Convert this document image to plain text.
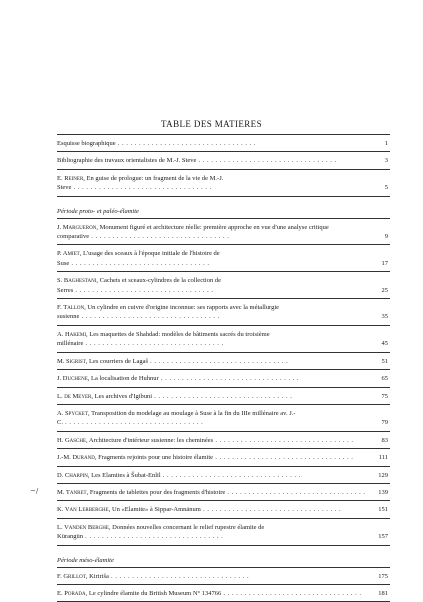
TABLE DES MATIERES
Esquisse biographique . . .	1
Bibliographie des travaux orientalistes de M.-J. Steve . . .	3
E. Reiner, En guise de prologue: un fragment de la vie de M.-J. Steve . . .	5
Période proto- et paléo-élamite
J. Margueron, Monument figuré et architecture réelle: première approche en vue d'une analyse critique comparative . . .	9
P. Amiet, L'usage des sceaux à l'époque initiale de l'histoire de Suse . . .	17
S. Baghestani, Cachets et sceaux-cylindres de la collection de Serres . . .	25
F. Tallon, Un cylindre en cuivre d'origine inconnue: ses rapports avec la métallurgie susienne . . .	35
A. Hakemi, Les maquettes de Shahdad: modèles de bâtiments sacrés du troisième millénaire . . .	45
M. Sigrist, Les courriers de Lagaš . . .	51
J. Duchene, La localisation de Huhnur . . .	65
L. de Meyer, Les archives d'Igibuni . . .	75
A. Spycket, Transposition du modelage au moulage à Suse à la fin du IIIe millénaire av. J.-C. . . .	79
H. Gasche, Architecture d'intérieur susienne: les cheminées . . .	83
J.-M. Durand, Fragments rejoints pour une histoire élamite . . .	111
D. Charpin, Les Elamites à Šubat-Enlil . . .	129
M. Tanret, Fragments de tablettes pour des fragments d'histoire . . .	139
K. Van Lerberghe, Un «Elamite» à Sippar-Amnānum . . .	151
L. Vanden Berghe, Données nouvelles concernant le relief rupestre élamite de Kūrangūn . . .	157
Période méso-élamite
F. Grillot, Kiririša . . .	175
E. Porada, Le cylindre élamite du British Museum N° 134766 . . .	181
~/
